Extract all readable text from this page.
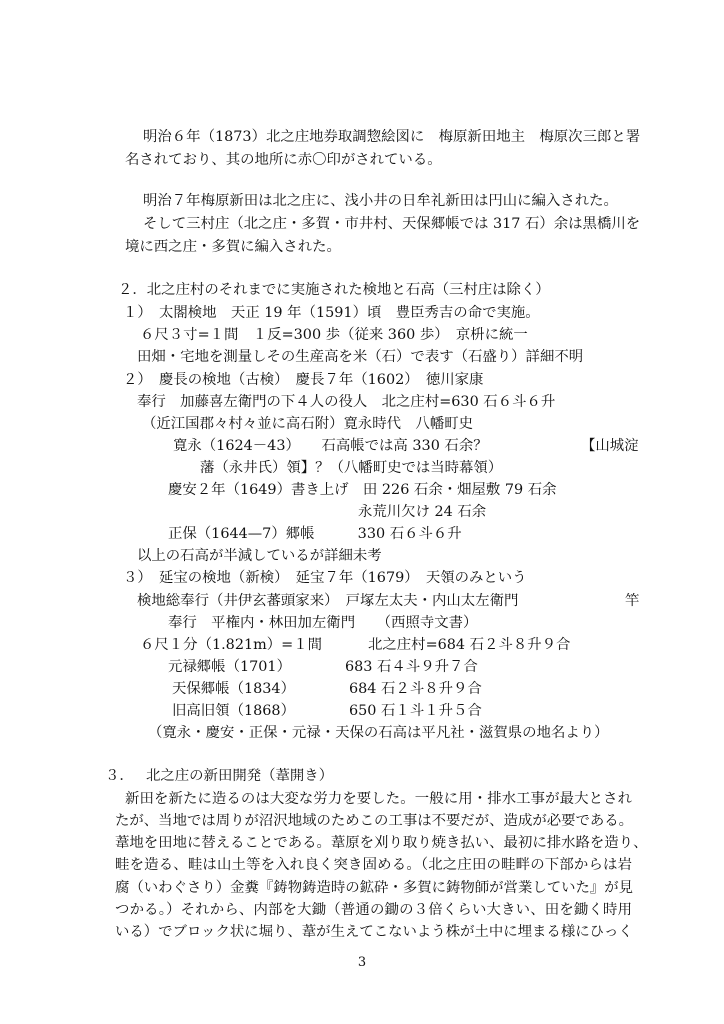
明治６年（1873）北之庄地券取調惣絵図に　梅原新田地主　梅原次三郎と署
名されており、其の地所に赤〇印がされている。
明治７年梅原新田は北之庄に、浅小井の日牟礼新田は円山に編入された。
そして三村庄（北之庄・多賀・市井村、天保郷帳では 317 石）余は黒橋川を
境に西之庄・多賀に編入された。
２．北之庄村のそれまでに実施された検地と石高（三村庄は除く）
１）　太閤検地　天正 19 年（1591）頃　豊臣秀吉の命で実施。
６尺３寸=１間　１反=300 歩（従来 360 歩）　京枡に統一
田畑・宅地を測量しその生産高を米（石）で表す（石盛り）詳細不明
２）　慶長の検地（古検）　慶長７年（1602）　徳川家康
奉行　加藤喜左衛門の下４人の役人　北之庄村=630 石６斗６升
（近江国郡々村々並に高石附）寛永時代　八幡町史
寛永（1624－43）　　石高帳では高 330 石余？	【山城淀
藩（永井氏）領】？（八幡町史では当時幕領）
慶安２年（1649）書き上げ　田 226 石余・畑屋敷 79 石余
永荒川欠け 24 石余
正保（1644—7）郷帳　　　330 石６斗６升
以上の石高が半減しているが詳細未考
３）　延宝の検地（新検）　延宝７年（1679）　天領のみという
検地総奉行（井伊玄蕃頭家来）　戸塚左太夫・内山太左衛門	竿
奉行　平権内・林田加左衛門　　（西照寺文書）
６尺１分（1.821m）=１間	北之庄村=684 石２斗８升９合
元禄郷帳（1701）	683 石４斗９升７合
天保郷帳（1834）	684 石２斗８升９合
旧高旧領（1868）	650 石１斗１升５合
（寛永・慶安・正保・元禄・天保の石高は平凡社・滋賀県の地名より）
３． 北之庄の新田開発（葦開き）
新田を新たに造るのは大変な労力を要した。一般に用・排水工事が最大とされ
たが、当地では周りが沼沢地域のためこの工事は不要だが、造成が必要である。
葦地を田地に替えることである。葦原を刈り取り焼き払い、最初に排水路を造り、
畦を造る、畦は山土等を入れ良く突き固める。（北之庄田の畦畔の下部からは岩
腐（いわぐさり）金糞『鋳物鋳造時の鉱砕・多賀に鋳物師が営業していた』が見
つかる。）それから、内部を大鋤（普通の鋤の３倍くらい大きい、田を鋤く時用
いる）でブロック状に堀り、葦が生えてこないよう株が土中に埋まる様にひっく
3
